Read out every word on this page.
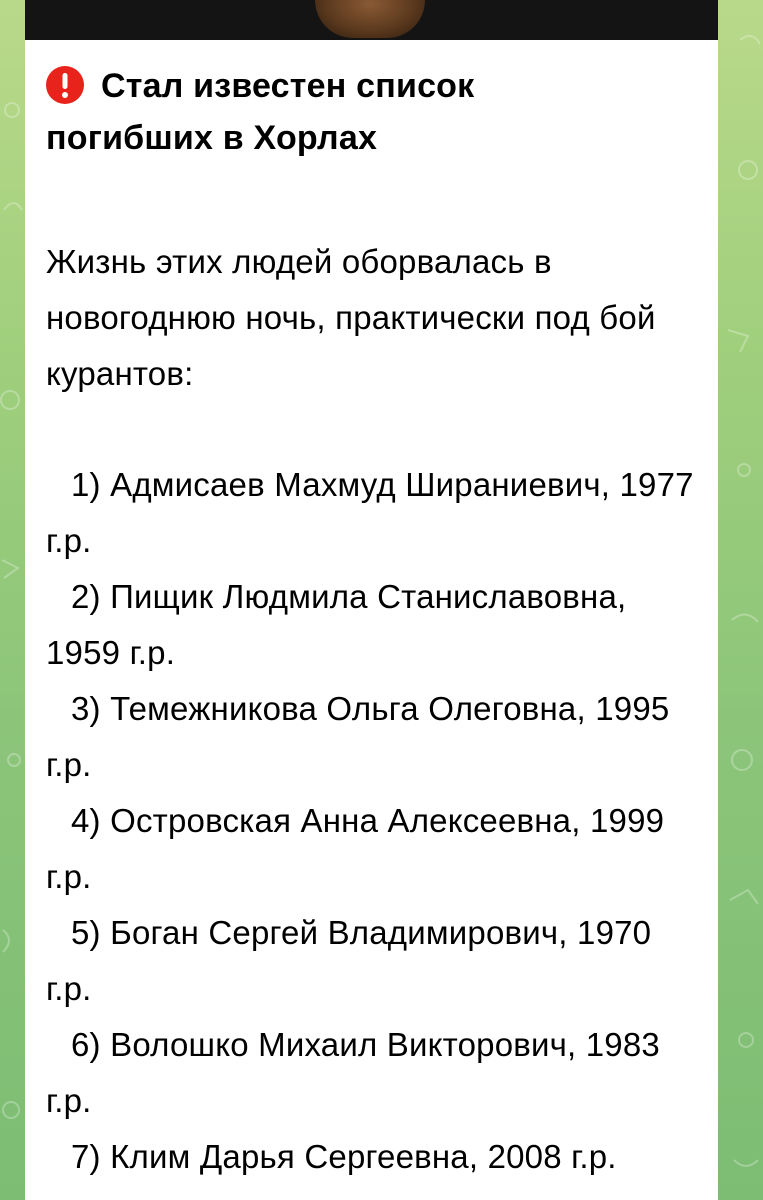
Стал известен список
погибших в Хорлах
Жизнь этих людей оборвалась в новогоднюю ночь, практически под бой курантов:
1) Адмисаев Махмуд Шираниевич, 1977 г.р.
2) Пищик Людмила Станиславовна, 1959 г.р.
3) Темежникова Ольга Олеговна, 1995 г.р.
4) Островская Анна Алексеевна, 1999 г.р.
5) Боган Сергей Владимирович, 1970 г.р.
6) Волошко Михаил Викторович, 1983 г.р.
7) Клим Дарья Сергеевна, 2008 г.р.
